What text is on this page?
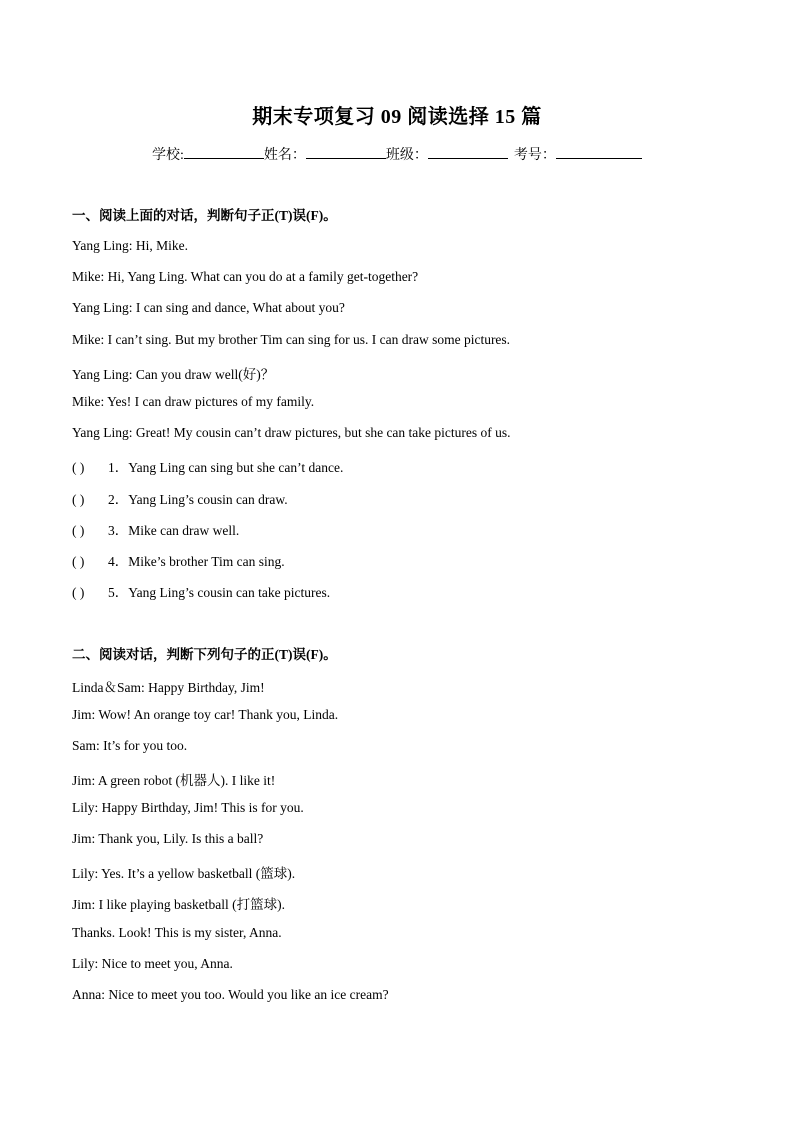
期末专项复习 09 阅读选择 15 篇
学校:	姓名：	班级：	考号：
一、阅读上面的对话，判断句子正(T)误(F)。
Yang Ling: Hi, Mike.
Mike: Hi, Yang Ling. What can you do at a family get-together?
Yang Ling: I can sing and dance, What about you?
Mike: I can’t sing. But my brother Tim can sing for us. I can draw some pictures.
Yang Ling: Can you draw well(好)？
Mike: Yes! I can draw pictures of my family.
Yang Ling: Great! My cousin can’t draw pictures, but she can take pictures of us.
( ) 1．Yang Ling can sing but she can’t dance.
( ) 2．Yang Ling’s cousin can draw.
( ) 3．Mike can draw well.
( ) 4．Mike’s brother Tim can sing.
( ) 5．Yang Ling’s cousin can take pictures.
二、阅读对话，判断下列句子的正(T)误(F)。
Linda＆Sam: Happy Birthday, Jim!
Jim: Wow! An orange toy car! Thank you, Linda.
Sam: It’s for you too.
Jim: A green robot (机器人). I like it!
Lily: Happy Birthday, Jim! This is for you.
Jim: Thank you, Lily. Is this a ball?
Lily: Yes. It’s a yellow basketball (篮球).
Jim: I like playing basketball (打篮球).
Thanks. Look! This is my sister, Anna.
Lily: Nice to meet you, Anna.
Anna: Nice to meet you too. Would you like an ice cream?
